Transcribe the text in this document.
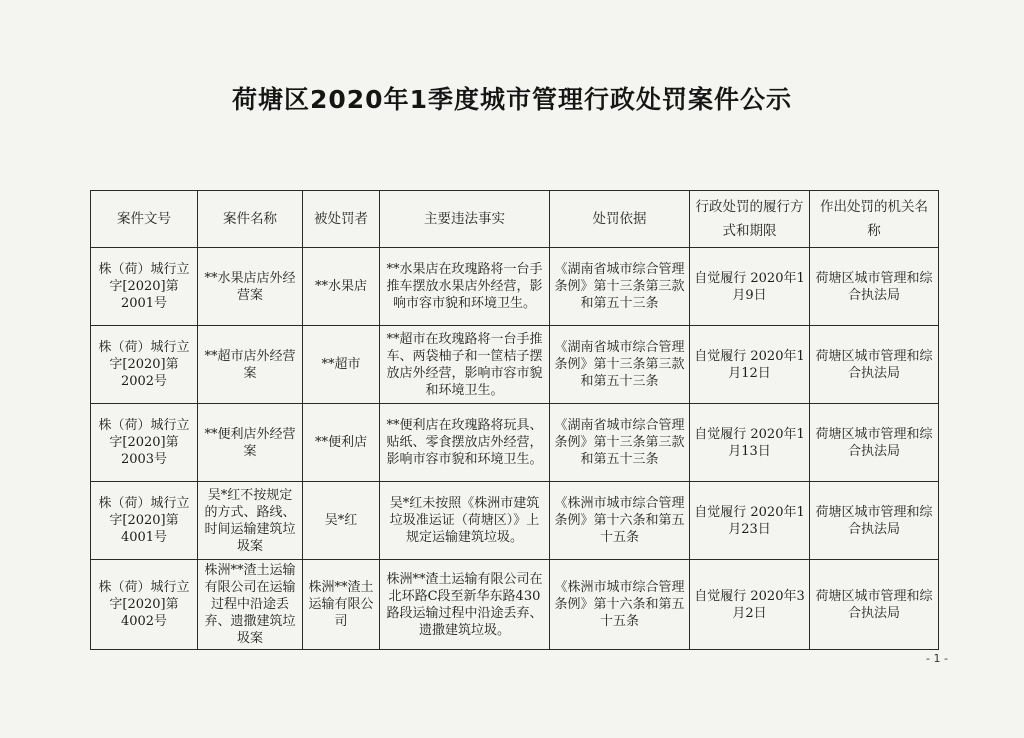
荷塘区2020年1季度城市管理行政处罚案件公示
案件文号	案件名称	被处罚者	主要违法事实	处罚依据	行政处罚的履行方式和期限	作出处罚的机关名称
株（荷）城行立字[2020]第2001号	**水果店店外经营案	**水果店	**水果店在玫瑰路将一台手推车摆放水果店外经营，影响市容市貌和环境卫生。	《湖南省城市综合管理条例》第十三条第三款和第五十三条	自觉履行 2020年1月9日	荷塘区城市管理和综合执法局
株（荷）城行立字[2020]第2002号	**超市店外经营案	**超市	**超市在玫瑰路将一台手推车、两袋柚子和一筐桔子摆放店外经营，影响市容市貌和环境卫生。	《湖南省城市综合管理条例》第十三条第三款和第五十三条	自觉履行 2020年1月12日	荷塘区城市管理和综合执法局
株（荷）城行立字[2020]第2003号	**便利店外经营案	**便利店	**便利店在玫瑰路将玩具、贴纸、零食摆放店外经营，影响市容市貌和环境卫生。	《湖南省城市综合管理条例》第十三条第三款和第五十三条	自觉履行 2020年1月13日	荷塘区城市管理和综合执法局
株（荷）城行立字[2020]第4001号	吴*红不按规定的方式、路线、时间运输建筑垃圾案	吴*红	吴*红未按照《株洲市建筑垃圾准运证（荷塘区）》上规定运输建筑垃圾。	《株洲市城市综合管理条例》第十六条和第五十五条	自觉履行 2020年1月23日	荷塘区城市管理和综合执法局
株（荷）城行立字[2020]第4002号	株洲**渣土运输有限公司在运输过程中沿途丢弃、遗撒建筑垃圾案	株洲**渣土运输有限公司	株洲**渣土运输有限公司在北环路C段至新华东路430路段运输过程中沿途丢弃、遗撒建筑垃圾。	《株洲市城市综合管理条例》第十六条和第五十五条	自觉履行 2020年3月2日	荷塘区城市管理和综合执法局
- 1 -
